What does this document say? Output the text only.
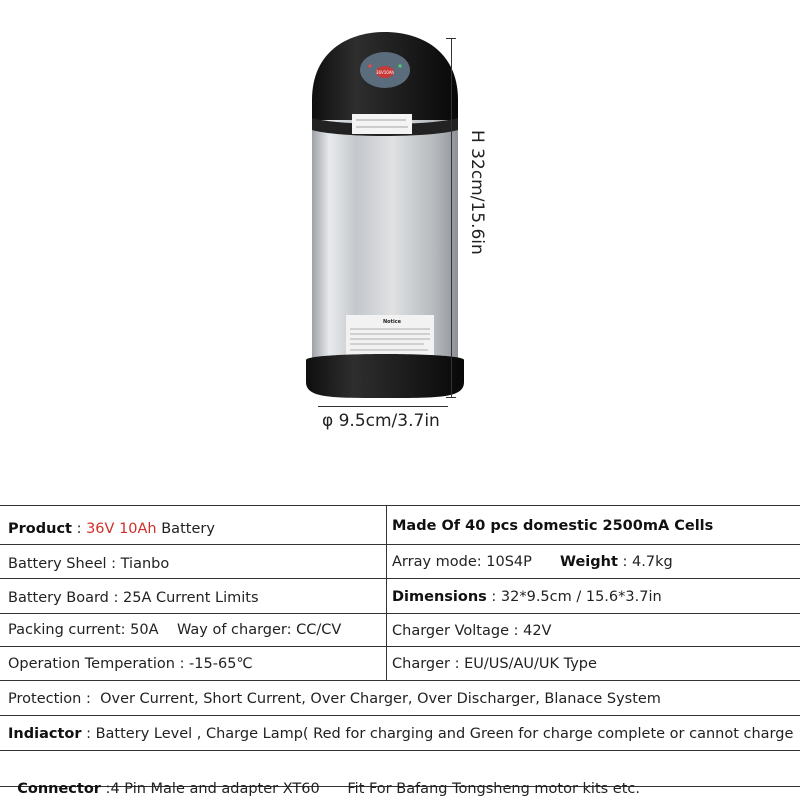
36V10Ah
Notice
H 32cm/15.6in
φ 9.5cm/3.7in
Product : 36V 10Ah Battery	Made Of 40 pcs domestic 2500mA Cells
Battery Sheel : Tianbo	Array mode: 10S4P Weight : 4.7kg
Battery Board : 25A Current Limits	Dimensions : 32*9.5cm / 15.6*3.7in
Packing current: 50A    Way of charger: CC/CV	Charger Voltage : 42V
Operation Temperation : -15-65℃	Charger : EU/US/AU/UK Type
Protection :  Over Current, Short Current, Over Charger, Over Discharger, Blanace System
Indiactor : Battery Level , Charge Lamp( Red for charging and Green for charge complete or cannot charge

Connector :4 Pin Male and adapter XT60      Fit For Bafang Tongsheng motor kits etc.
